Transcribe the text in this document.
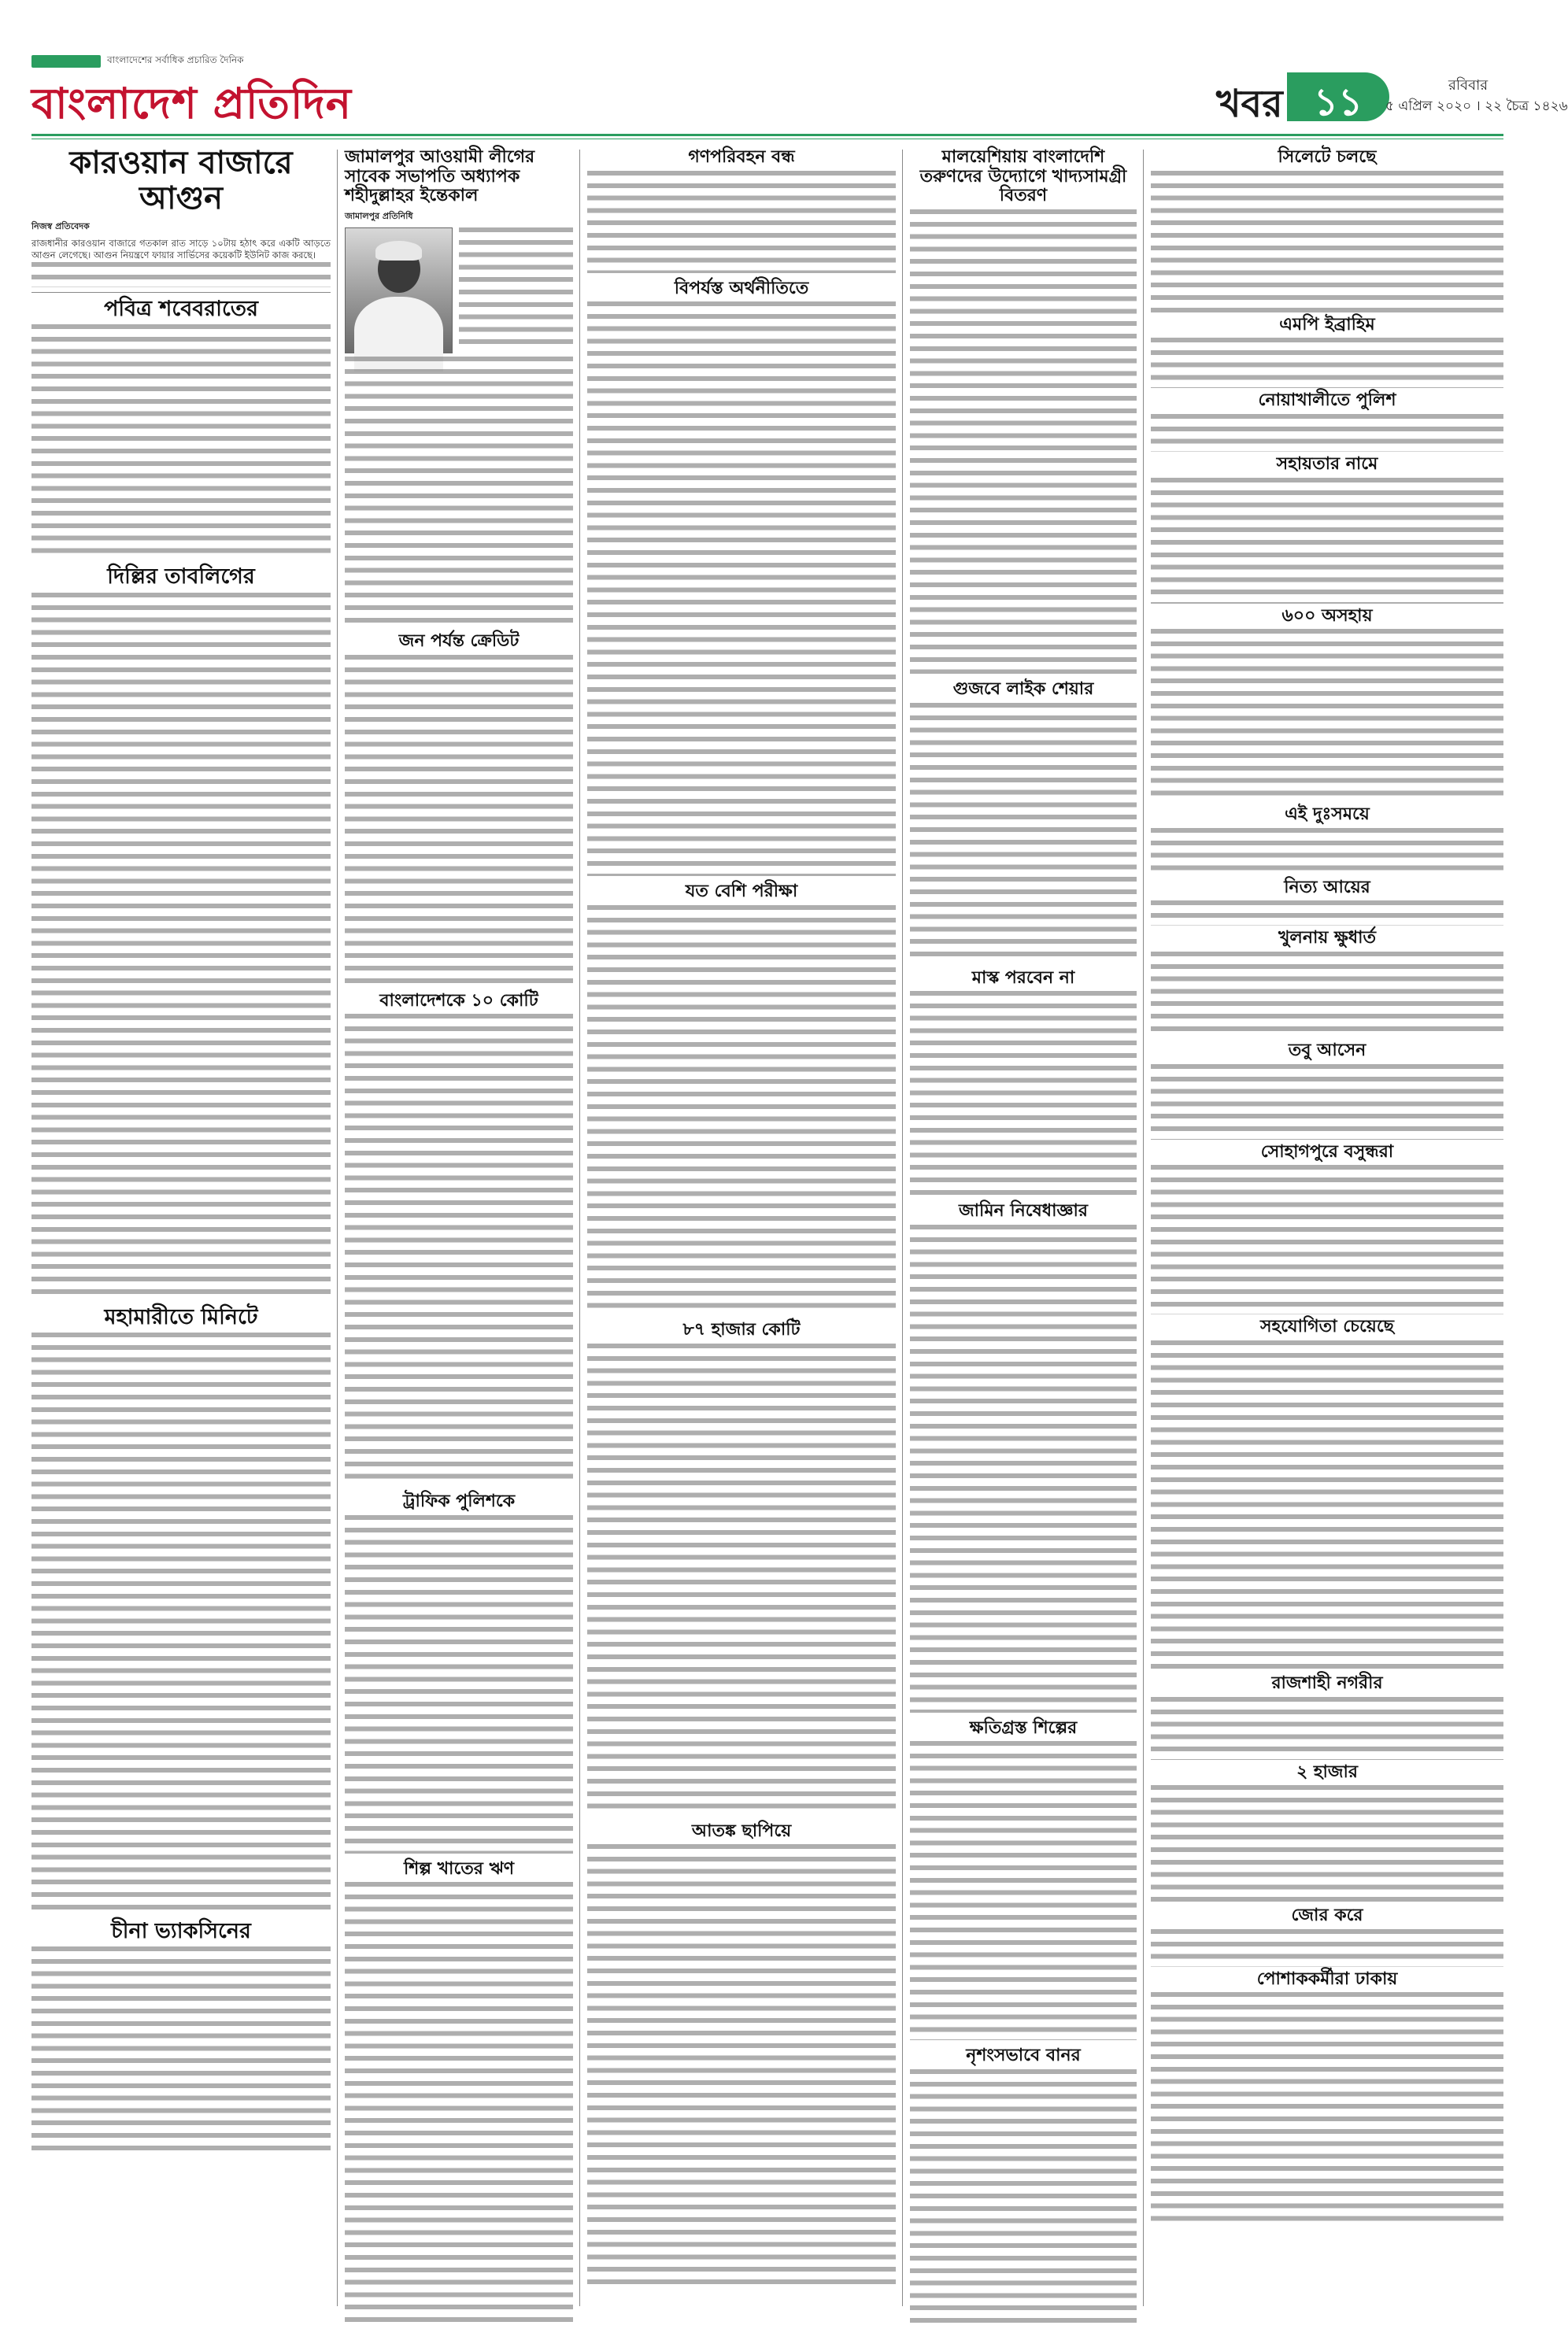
বাংলাদেশের সর্বাধিক প্রচারিত দৈনিক
বাংলাদেশ প্রতিদিন	খবর ১১	রবিবার
৫ এপ্রিল ২০২০ । ২২ চৈত্র ১৪২৬
কারওয়ান বাজারে আগুন
নিজস্ব প্রতিবেদক

রাজধানীর কারওয়ান বাজারে গতকাল রাত সাড়ে ১০টায় হঠাৎ করে একটি আড়তে আগুন লেগেছে। আগুন নিয়ন্ত্রণে ফায়ার সার্ভিসের কয়েকটি ইউনিট কাজ করছে।

পবিত্র শবেবরাতের
দিল্লির তাবলিগের
মহামারীতে মিনিটে
চীনা ভ্যাকসিনের
জামালপুর আওয়ামী লীগের সাবেক সভাপতি অধ্যাপক শহীদুল্লাহর ইন্তেকাল
জামালপুর প্রতিনিধি
জন পর্যন্ত ক্রেডিট
বাংলাদেশকে ১০ কোটি
ট্রাফিক পুলিশকে
শিল্প খাতের ঋণ
গণপরিবহন বন্ধ
বিপর্যস্ত অর্থনীতিতে
যত বেশি পরীক্ষা
৮৭ হাজার কোটি
আতঙ্ক ছাপিয়ে
মালয়েশিয়ায় বাংলাদেশি তরুণদের উদ্যোগে খাদ্যসামগ্রী বিতরণ
গুজবে লাইক শেয়ার
মাস্ক পরবেন না
জামিন নিষেধাজ্ঞার
ক্ষতিগ্রস্ত শিল্পের
নৃশংসভাবে বানর
সিলেটে চলছে
এমপি ইব্রাহিম
নোয়াখালীতে পুলিশ
সহায়তার নামে
৬০০ অসহায়
এই দুঃসময়ে
নিত্য আয়ের
খুলনায় ক্ষুধার্ত
তবু আসেন
সোহাগপুরে বসুন্ধরা
সহযোগিতা চেয়েছে
রাজশাহী নগরীর
২ হাজার
জোর করে
পোশাককর্মীরা ঢাকায়
